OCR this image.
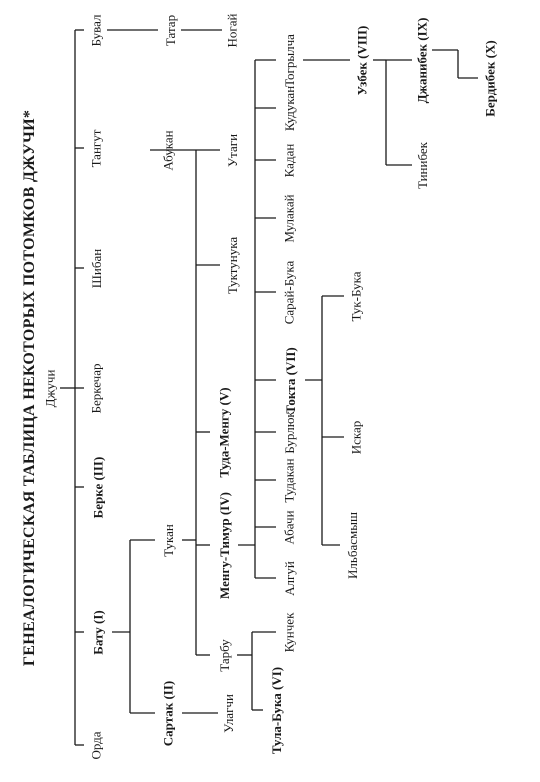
ГЕНЕАЛОГИЧЕСКАЯ ТАБЛИЦА НЕКОТОРЫХ ПОТОМКОВ ДЖУЧИ* Джучи
Орда
Бату (I)
Берке (III)
Беркечар
Шибан
Тангут
Бувал	Татар	Ногай
Сартак (II)
Тукан
Абукан
Улагчи
Тарбу
Тула-Бука (VI)
Кунчек
Менгу-Тимур (IV)
Туда-Менгу (V)
Туктунука
Утаги
Алгуй
Абачи
Тудакан
Бурлюк
Токта (VII)
Сарай-Бука
Мулакай
Кадан
Кудукан
Тогрылча
Ильбасмыш
Искар
Тук-Бука
Узбек (VIII)
Тинибек
Джанибек (IX)	Бердибек (X)
